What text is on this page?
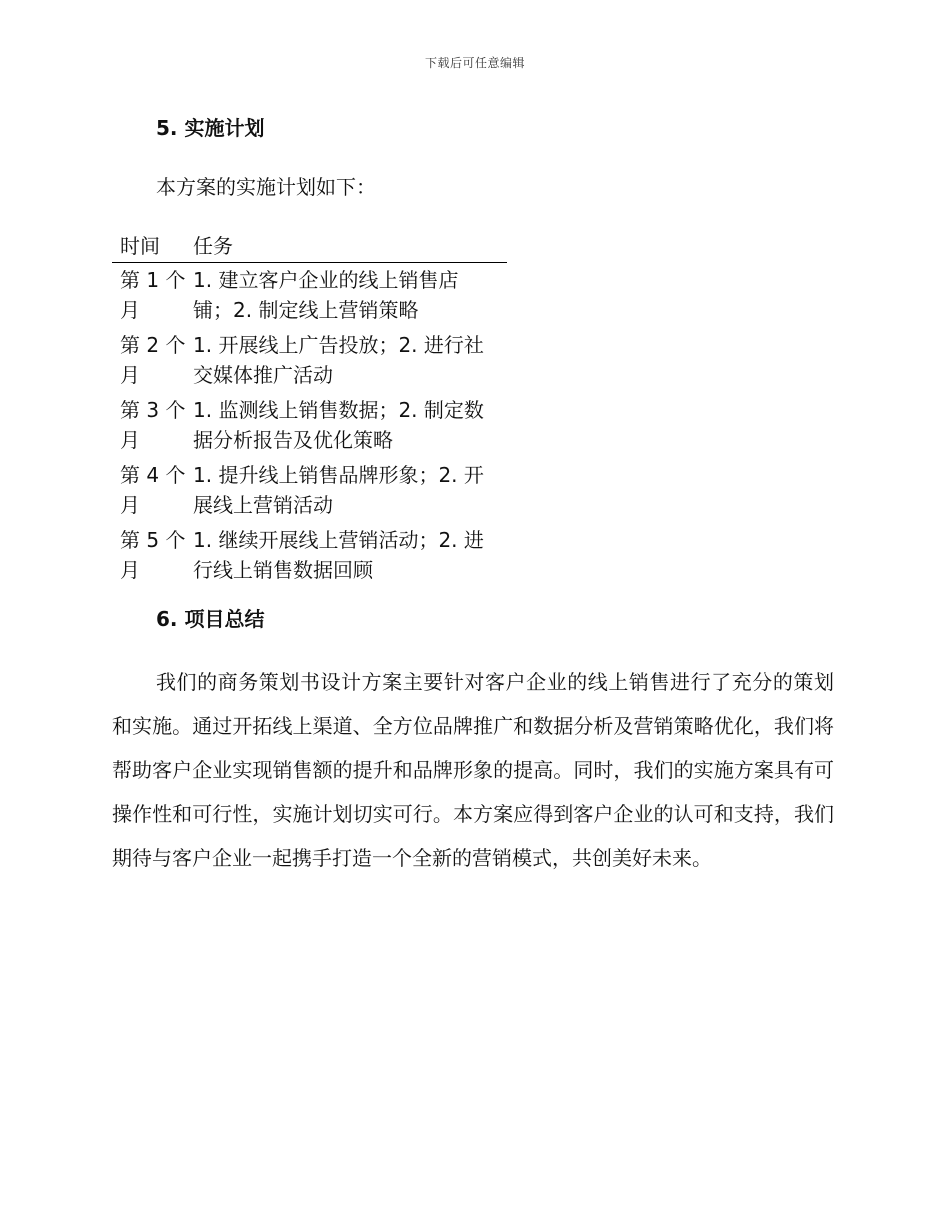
下载后可任意编辑
5. 实施计划

本方案的实施计划如下：

时间	任务
第 1 个月	1. 建立客户企业的线上销售店铺；2. 制定线上营销策略
第 2 个月	1. 开展线上广告投放；2. 进行社交媒体推广活动
第 3 个月	1. 监测线上销售数据；2. 制定数据分析报告及优化策略
第 4 个月	1. 提升线上销售品牌形象；2. 开展线上营销活动
第 5 个月	1. 继续开展线上营销活动；2. 进行线上销售数据回顾
6. 项目总结

我们的商务策划书设计方案主要针对客户企业的线上销售进行了充分的策划和实施。通过开拓线上渠道、全方位品牌推广和数据分析及营销策略优化，我们将帮助客户企业实现销售额的提升和品牌形象的提高。同时，我们的实施方案具有可操作性和可行性，实施计划切实可行。本方案应得到客户企业的认可和支持，我们期待与客户企业一起携手打造一个全新的营销模式，共创美好未来。
